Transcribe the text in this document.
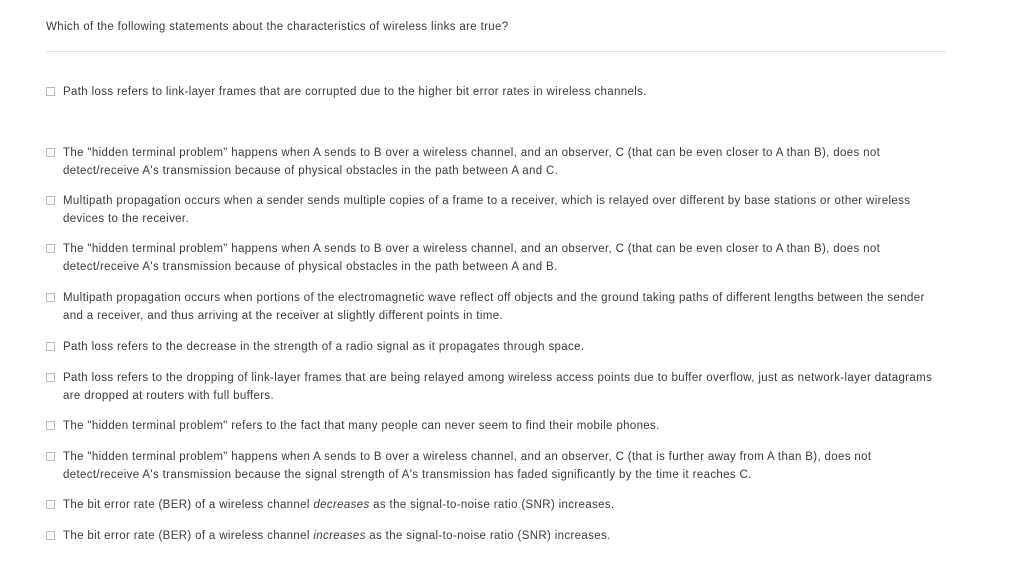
Which of the following statements about the characteristics of wireless links are true?
Path loss refers to link-layer frames that are corrupted due to the higher bit error rates in wireless channels.
The "hidden terminal problem" happens when A sends to B over a wireless channel, and an observer, C (that can be even closer to A than B), does not detect/receive A's transmission because of physical obstacles in the path between A and C.
Multipath propagation occurs when a sender sends multiple copies of a frame to a receiver, which is relayed over different by base stations or other wireless devices to the receiver.
The "hidden terminal problem" happens when A sends to B over a wireless channel, and an observer, C (that can be even closer to A than B), does not detect/receive A's transmission because of physical obstacles in the path between A and B.
Multipath propagation occurs when portions of the electromagnetic wave reflect off objects and the ground taking paths of different lengths between the sender and a receiver, and thus arriving at the receiver at slightly different points in time.
Path loss refers to the decrease in the strength of a radio signal as it propagates through space.
Path loss refers to the dropping of link-layer frames that are being relayed among wireless access points due to buffer overflow, just as network-layer datagrams are dropped at routers with full buffers.
The "hidden terminal problem" refers to the fact that many people can never seem to find their mobile phones.
The "hidden terminal problem" happens when A sends to B over a wireless channel, and an observer, C (that is further away from A than B), does not detect/receive A's transmission because the signal strength of A's transmission has faded significantly by the time it reaches C.
The bit error rate (BER) of a wireless channel decreases as the signal-to-noise ratio (SNR) increases.
The bit error rate (BER) of a wireless channel increases as the signal-to-noise ratio (SNR) increases.
